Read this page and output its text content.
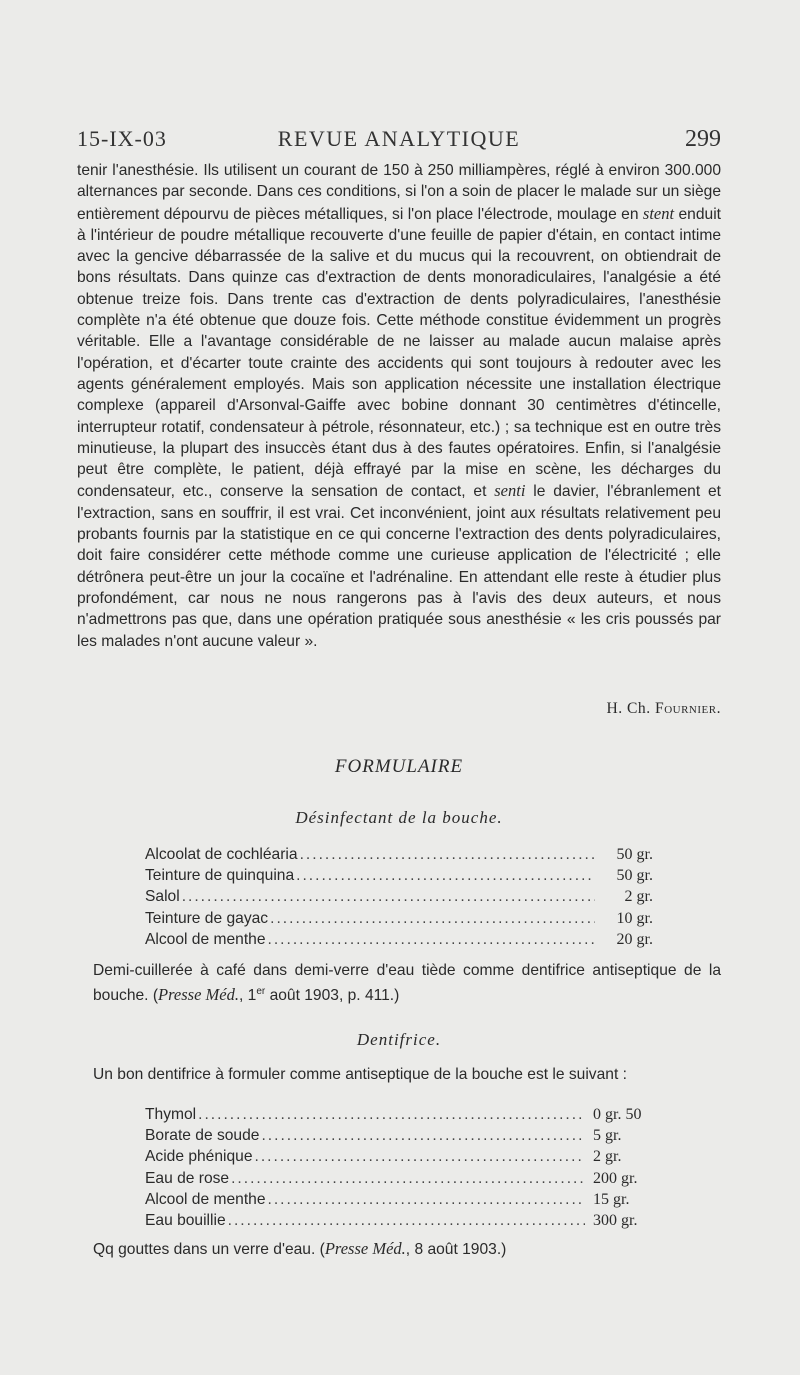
15-IX-03	REVUE ANALYTIQUE	299

tenir l'anesthésie. Ils utilisent un courant de 150 à 250 milliampères, réglé à environ 300.000 alternances par seconde. Dans ces conditions, si l'on a soin de placer le malade sur un siège entièrement dépourvu de pièces métalliques, si l'on place l'électrode, moulage en stent enduit à l'intérieur de poudre métallique recouverte d'une feuille de papier d'étain, en contact intime avec la gencive débarrassée de la salive et du mucus qui la recouvrent, on obtiendrait de bons résultats. Dans quinze cas d'extraction de dents monoradiculaires, l'analgésie a été obtenue treize fois. Dans trente cas d'extraction de dents polyradiculaires, l'anesthésie complète n'a été obtenue que douze fois. Cette méthode constitue évidemment un progrès véritable. Elle a l'avantage considérable de ne laisser au malade aucun malaise après l'opération, et d'écarter toute crainte des accidents qui sont toujours à redouter avec les agents généralement employés. Mais son application nécessite une installation électrique complexe (appareil d'Arsonval-Gaiffe avec bobine donnant 30 centimètres d'étincelle, interrupteur rotatif, condensateur à pétrole, résonnateur, etc.) ; sa technique est en outre très minutieuse, la plupart des insuccès étant dus à des fautes opératoires. Enfin, si l'analgésie peut être complète, le patient, déjà effrayé par la mise en scène, les décharges du condensateur, etc., conserve la sensation de contact, et senti le davier, l'ébranlement et l'extraction, sans en souffrir, il est vrai. Cet inconvénient, joint aux résultats relativement peu probants fournis par la statistique en ce qui concerne l'extraction des dents polyradiculaires, doit faire considérer cette méthode comme une curieuse application de l'électricité ; elle détrônera peut-être un jour la cocaïne et l'adrénaline. En attendant elle reste à étudier plus profondément, car nous ne nous rangerons pas à l'avis des deux auteurs, et nous n'admettrons pas que, dans une opération pratiquée sous anesthésie « les cris poussés par les malades n'ont aucune valeur ».

H. Ch. Fournier.
FORMULAIRE
Désinfectant de la bouche.
Alcoolat de cochléaria .....	50 gr.
Teinture de quinquina .....	50 gr.
Salol .....	2 gr.
Teinture de gayac .....	10 gr.
Alcool de menthe .....	20 gr.

Demi-cuillerée à café dans demi-verre d'eau tiède comme dentifrice antiseptique de la bouche. (Presse Méd., 1er août 1903, p. 411.)

Dentifrice.

Un bon dentifrice à formuler comme antiseptique de la bouche est le suivant :

Thymol .....	0 gr. 50
Borate de soude .....	5 gr.
Acide phénique .....	2 gr.
Eau de rose .....	200 gr.
Alcool de menthe .....	15 gr.
Eau bouillie .....	300 gr.

Qq gouttes dans un verre d'eau. (Presse Méd., 8 août 1903.)
